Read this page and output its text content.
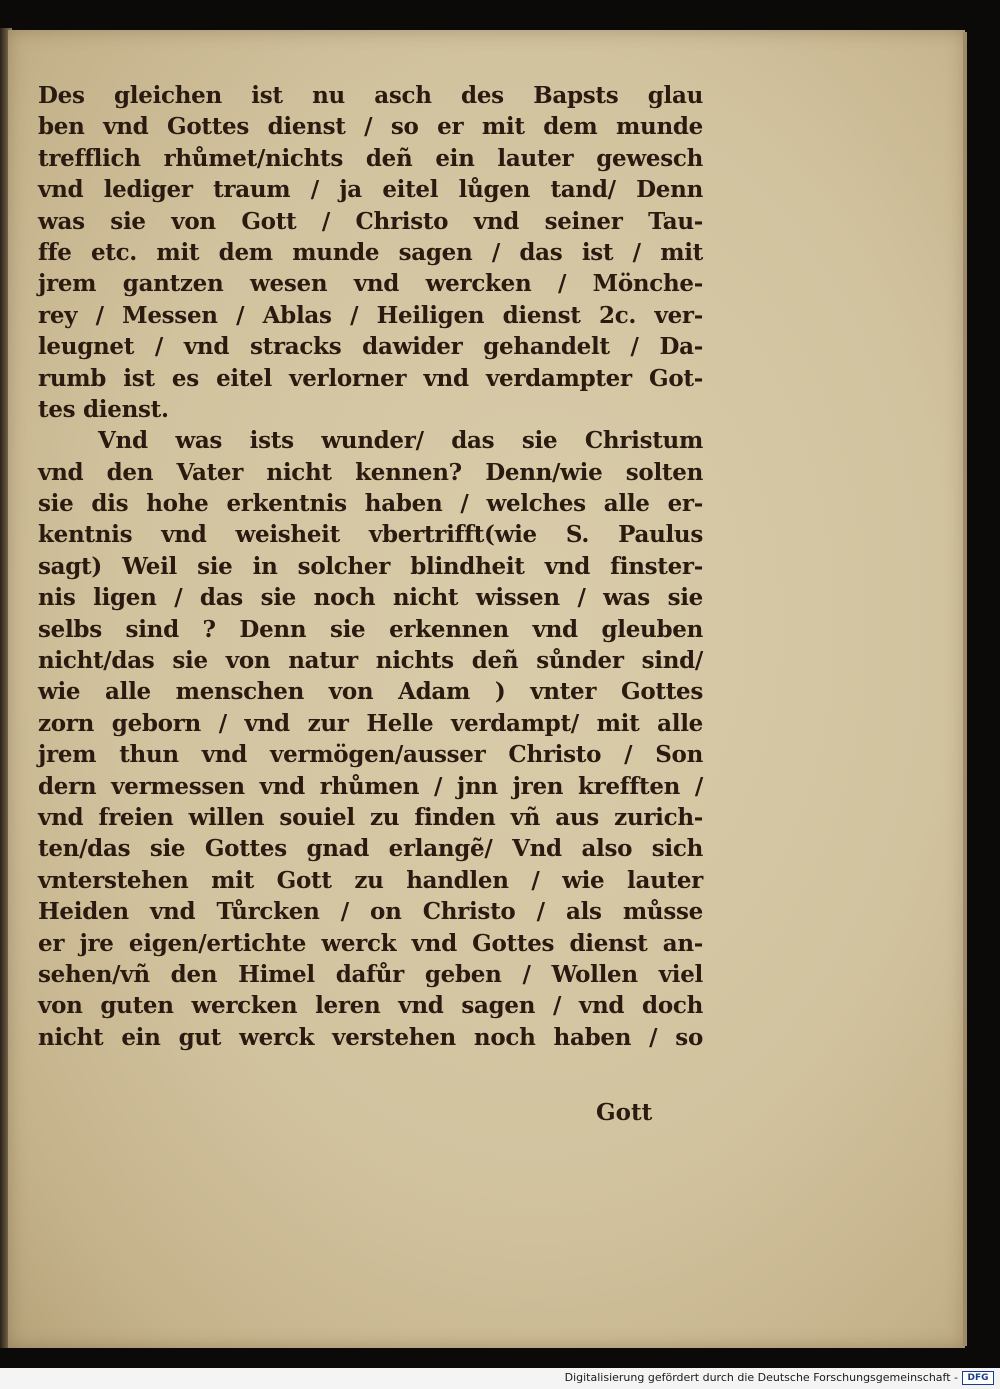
Des gleichen ist nu asch des Bapsts glau
ben vnd Gottes dienst / so er mit dem munde
trefflich rhůmet/nichts deñ ein lauter gewesch
vnd lediger traum / ja eitel lůgen tand/ Denn
was sie von Gott / Christo vnd seiner Tau-
ffe etc. mit dem munde sagen / das ist / mit
jrem gantzen wesen vnd wercken / Mönche-
rey / Messen / Ablas / Heiligen dienst 2c. ver-
leugnet / vnd stracks dawider gehandelt / Da-
rumb ist es eitel verlorner vnd verdampter Got-
tes dienst.
Vnd was ists wunder/ das sie Christum
vnd den Vater nicht kennen? Denn/wie solten
sie dis hohe erkentnis haben / welches alle er-
kentnis vnd weisheit vbertrifft(wie S. Paulus
sagt) Weil sie in solcher blindheit vnd finster-
nis ligen / das sie noch nicht wissen / was sie
selbs sind ? Denn sie erkennen vnd gleuben
nicht/das sie von natur nichts deñ sůnder sind/
wie alle menschen von Adam ) vnter Gottes
zorn geborn / vnd zur Helle verdampt/ mit alle
jrem thun vnd vermögen/ausser Christo / Son
dern vermessen vnd rhůmen / jnn jren krefften /
vnd freien willen souiel zu finden vñ aus zurich-
ten/das sie Gottes gnad erlangẽ/ Vnd also sich
vnterstehen mit Gott zu handlen / wie lauter
Heiden vnd Tůrcken / on Christo / als můsse
er jre eigen/ertichte werck vnd Gottes dienst an-
sehen/vñ den Himel dafůr geben / Wollen viel
von guten wercken leren vnd sagen / vnd doch
nicht ein gut werck verstehen noch haben / so
Gott
Digitalisierung gefördert durch die Deutsche Forschungsgemeinschaft -	DFG
